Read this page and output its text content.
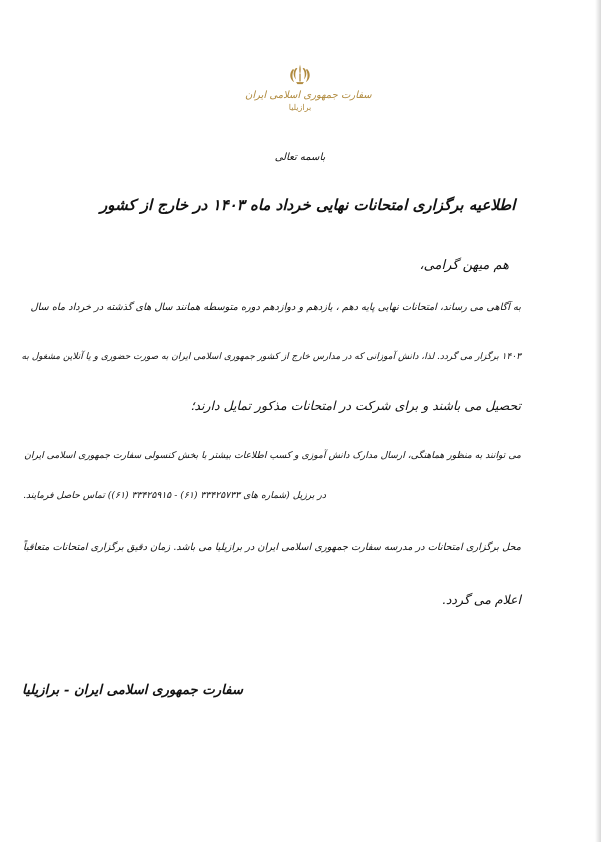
سفارت جمهوری اسلامی ایران
برازیلیا
باسمه تعالی
اطلاعیه برگزاری امتحانات نهایی خرداد ماه ۱۴۰۳ در خارج از کشور
هم میهن گرامی،
به آگاهی می رساند، امتحانات نهایی پایه دهم ، یازدهم و دوازدهم دوره متوسطه همانند سال های گذشته در خرداد ماه سال
۱۴۰۳ برگزار می گردد. لذا، دانش آموزانی که در مدارس خارج از کشور جمهوری اسلامی ایران به صورت حضوری و یا آنلاین مشغول به
تحصیل می باشند و برای شرکت در امتحانات مذکور تمایل دارند؛
می توانند به منظور هماهنگی، ارسال مدارک دانش آموزی و کسب اطلاعات بیشتر با بخش کنسولی سفارت جمهوری اسلامی ایران
در برزیل (شماره های ۳۳۴۲۵۷۳۳ (۶۱) - ۳۳۴۲۵۹۱۵ (۶۱)) تماس حاصل فرمایند.
محل برگزاری امتحانات در مدرسه سفارت جمهوری اسلامی ایران در برازیلیا می باشد. زمان دقیق برگزاری امتحانات متعاقباً
اعلام می گردد.
سفارت جمهوری اسلامی ایران - برازیلیا
